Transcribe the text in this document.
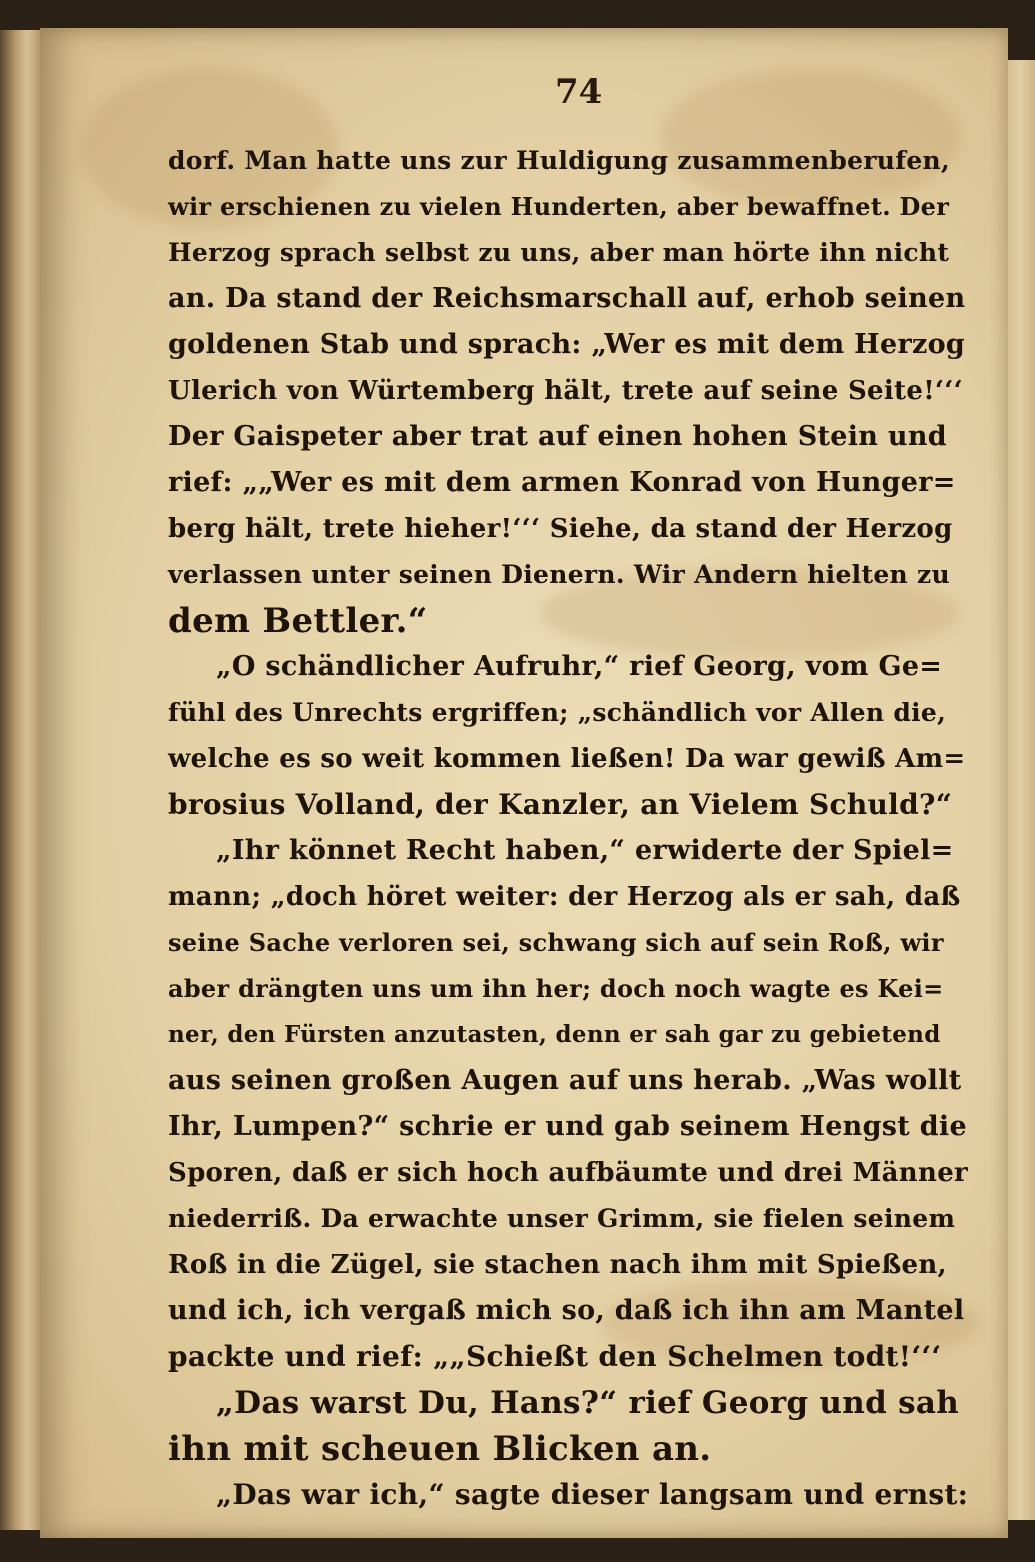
74
dorf. Man hatte uns zur Huldigung zusammenberufen,
wir erschienen zu vielen Hunderten, aber bewaffnet. Der
Herzog sprach selbst zu uns, aber man hörte ihn nicht
an. Da stand der Reichsmarschall auf, erhob seinen
goldenen Stab und sprach: „Wer es mit dem Herzog
Ulerich von Würtemberg hält, trete auf seine Seite!‘‘‘
Der Gaispeter aber trat auf einen hohen Stein und
rief: „„Wer es mit dem armen Konrad von Hunger=
berg hält, trete hieher!‘‘‘ Siehe, da stand der Herzog
verlassen unter seinen Dienern. Wir Andern hielten zu
dem Bettler.“
„O schändlicher Aufruhr,“ rief Georg, vom Ge=
fühl des Unrechts ergriffen; „schändlich vor Allen die,
welche es so weit kommen ließen! Da war gewiß Am=
brosius Volland, der Kanzler, an Vielem Schuld?“
„Ihr könnet Recht haben,“ erwiderte der Spiel=
mann; „doch höret weiter: der Herzog als er sah, daß
seine Sache verloren sei, schwang sich auf sein Roß, wir
aber drängten uns um ihn her; doch noch wagte es Kei=
ner, den Fürsten anzutasten, denn er sah gar zu gebietend
aus seinen großen Augen auf uns herab. „Was wollt
Ihr, Lumpen?“ schrie er und gab seinem Hengst die
Sporen, daß er sich hoch aufbäumte und drei Männer
niederriß. Da erwachte unser Grimm, sie fielen seinem
Roß in die Zügel, sie stachen nach ihm mit Spießen,
und ich, ich vergaß mich so, daß ich ihn am Mantel
packte und rief: „„Schießt den Schelmen todt!‘‘‘
„Das warst Du, Hans?“ rief Georg und sah
ihn mit scheuen Blicken an.
„Das war ich,“ sagte dieser langsam und ernst:
